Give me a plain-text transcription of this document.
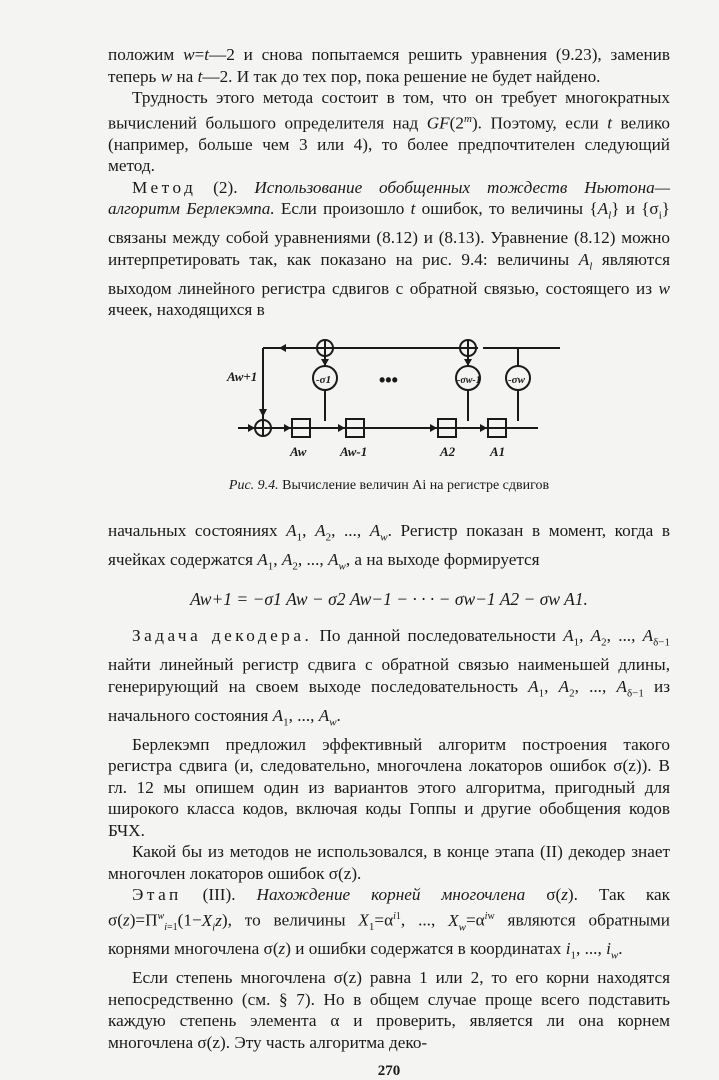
положим w=t—2 и снова попытаемся решить уравнения (9.23), заменив теперь w на t—2. И так до тех пор, пока решение не будет найдено.

Трудность этого метода состоит в том, что он требует многократных вычислений большого определителя над GF(2$^m$). Поэтому, если t велико (например, больше чем 3 или 4), то более предпочтителен следующий метод.

Метод (2). Использование обобщенных тождеств Ньютона—алгоритм Берлекэмпа. Если произошло t ошибок, то величины $\{A_l\}$ и $\{\sigma_i\}$ связаны между собой уравнениями (8.12) и (8.13). Уравнение (8.12) можно интерпретировать так, как показано на рис. 9.4: величины $A_l$ являются выходом линейного регистра сдвигов с обратной связью, состоящего из w ячеек, находящихся в

Aw+1	-σ1	-σw-1 -σw
Aw	Aw-1	A2	A1
•••

Рис. 9.4. Вычисление величин Ai на регистре сдвигов

начальных состояниях $A_1$, $A_2$, ..., $A_w$. Регистр показан в момент, когда в ячейках содержатся $A_1$, $A_2$, ..., $A_w$, а на выходе формируется

Aw+1 = −σ1 Aw − σ2 Aw−1 − · · · − σw−1 A2 − σw A1.

Задача декодера. По данной последовательности $A_1$, $A_2$, ..., $A_{\delta-1}$ найти линейный регистр сдвига с обратной связью наименьшей длины, генерирующий на своем выходе последовательность $A_1$, $A_2$, ..., $A_{\delta-1}$ из начального состояния $A_1$, ..., $A_w$.

Берлекэмп предложил эффективный алгоритм построения такого регистра сдвига (и, следовательно, многочлена локаторов ошибок σ(z)). В гл. 12 мы опишем один из вариантов этого алгоритма, пригодный для широкого класса кодов, включая коды Гоппы и другие обобщения кодов БЧХ.

Какой бы из методов не использовался, в конце этапа (II) декодер знает многочлен локаторов ошибок σ(z).

Этап (III). Нахождение корней многочлена σ(z). Так как $\sigma(z)=\Pi^w_{i=1}(1-X_iz)$, то величины $X_1=\alpha^{i1}$, ..., $X_w=\alpha^{iw}$ являются обратными корнями многочлена σ(z) и ошибки содержатся в координатах $i_1$, ..., $i_w$.

Если степень многочлена σ(z) равна 1 или 2, то его корни находятся непосредственно (см. § 7). Но в общем случае проще всего подставить каждую степень элемента α и проверить, является ли она корнем многочлена σ(z). Эту часть алгоритма деко-

270
